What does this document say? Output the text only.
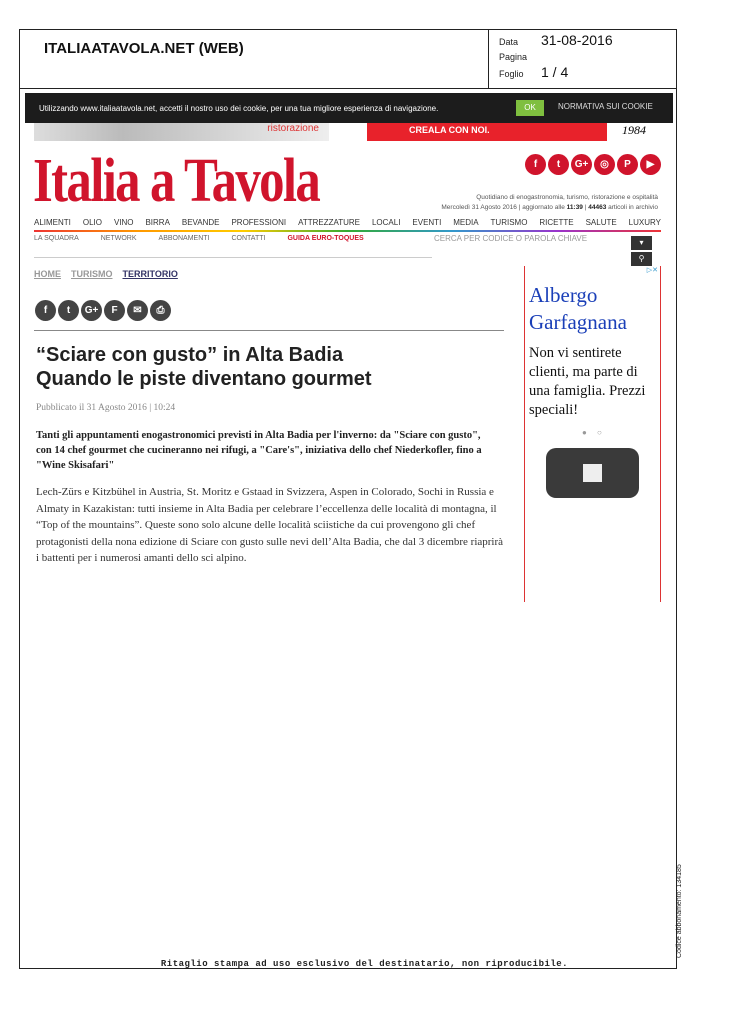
ITALIAATAVOLA.NET (WEB)	Data 31-08-2016
Pagina
Foglio 1 / 4
ristorazione	CREALA CON NOI.	1984
Utilizzando www.italiaatavola.net, accetti il nostro uso dei cookie, per una tua migliore esperienza di navigazione.	OK	NORMATIVA SUI COOKIE
Italia a Tavola	f	t	G+	◎	P	▶
Quotidiano di enogastronomia, turismo, ristorazione e ospitalità
Mercoledì 31 Agosto 2016 | aggiornato alle 11:39 | 44463 articoli in archivio
ALIMENTI OLIO VINO BIRRA BEVANDE PROFESSIONI ATTREZZATURE LOCALI EVENTI MEDIA TURISMO RICETTE SALUTE LUXURY
LA SQUADRA	NETWORK	ABBONAMENTI	CONTATTI	GUIDA EURO-TOQUES	CERCA PER CODICE O PAROLA CHIAVE	▾
⚲
HOME TURISMO TERRITORIO
f	t	G+	F	✉	⎙
“Sciare con gusto” in Alta Badia
Quando le piste diventano gourmet
Pubblicato il 31 Agosto 2016 | 10:24
Tanti gli appuntamenti enogastronomici previsti in Alta Badia per l'inverno: da "Sciare con gusto", con 14 chef gourmet che cucineranno nei rifugi, a "Care's", iniziativa dello chef Niederkofler, fino a "Wine Skisafari"
Lech-Zürs e Kitzbühel in Austria, St. Moritz e Gstaad in Svizzera, Aspen in Colorado, Sochi in Russia e Almaty in Kazakistan: tutti insieme in Alta Badia per celebrare l’eccellenza delle località di montagna, il “Top of the mountains”. Queste sono solo alcune delle località sciistiche da cui provengono gli chef protagonisti della nona edizione di Sciare con gusto sulle nevi dell’Alta Badia, che dal 3 dicembre riaprirà i battenti per i numerosi amanti dello sci alpino.
▷✕
Albergo Garfagnana
Non vi sentirete clienti, ma parte di una famiglia. Prezzi speciali!
● ○
Ritaglio stampa ad uso esclusivo del destinatario, non riproducibile.
Codice abbonamento: 134185
